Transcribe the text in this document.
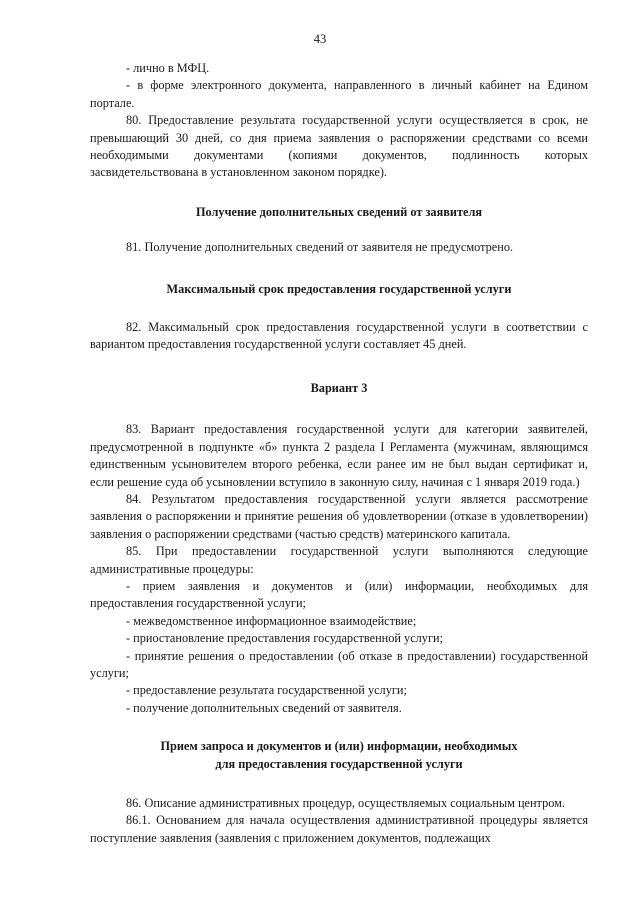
43

- лично в МФЦ.

- в форме электронного документа, направленного в личный кабинет на Едином портале.

80. Предоставление результата государственной услуги осуществляется в срок, не превышающий 30 дней, со дня приема заявления о распоряжении средствами со всеми необходимыми документами (копиями документов, подлинность которых засвидетельствована в установленном законом порядке).

Получение дополнительных сведений от заявителя

81. Получение дополнительных сведений от заявителя не предусмотрено.

Максимальный срок предоставления государственной услуги

82. Максимальный срок предоставления государственной услуги в соответствии с вариантом предоставления государственной услуги составляет 45 дней.

Вариант 3

83. Вариант предоставления государственной услуги для категории заявителей, предусмотренной в подпункте «б» пункта 2 раздела I Регламента (мужчинам, являющимся единственным усыновителем второго ребенка, если ранее им не был выдан сертификат и, если решение суда об усыновлении вступило в законную силу, начиная с 1 января 2019 года.)

84. Результатом предоставления государственной услуги является рассмотрение заявления о распоряжении и принятие решения об удовлетворении (отказе в удовлетворении) заявления о распоряжении средствами (частью средств) материнского капитала.

85. При предоставлении государственной услуги выполняются следующие административные процедуры:

- прием заявления и документов и (или) информации, необходимых для предоставления государственной услуги;

- межведомственное информационное взаимодействие;

- приостановление предоставления государственной услуги;

- принятие решения о предоставлении (об отказе в предоставлении) государственной услуги;

- предоставление результата государственной услуги;

- получение дополнительных сведений от заявителя.

Прием запроса и документов и (или) информации, необходимых

для предоставления государственной услуги

86. Описание административных процедур, осуществляемых социальным центром.

86.1. Основанием для начала осуществления административной процедуры является поступление заявления (заявления с приложением документов, подлежащих
